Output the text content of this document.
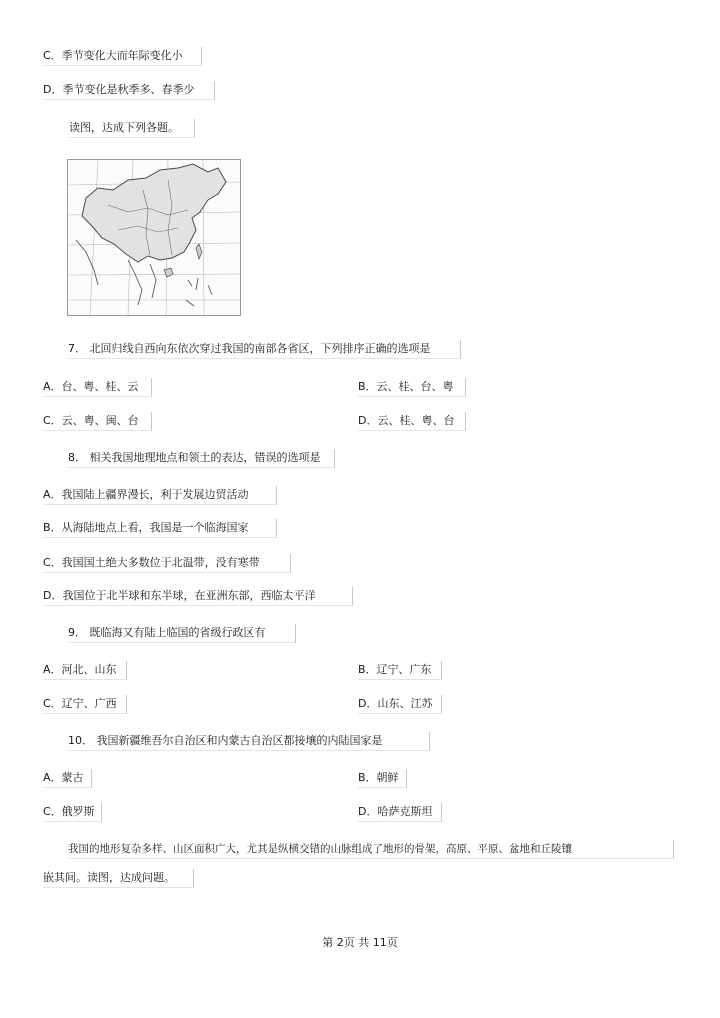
C．季节变化大而年际变化小
D．季节变化是秋季多、春季少
读图，达成下列各题。
7． 北回归线自西向东依次穿过我国的南部各省区，下列排序正确的选项是
A．台、粤、桂、云	B．云、桂、台、粤
C．云、粤、闽、台	D．云、桂、粤、台
8． 相关我国地理地点和领土的表达，错误的选项是
A．我国陆上疆界漫长，利于发展边贸活动
B．从海陆地点上看，我国是一个临海国家
C．我国国土绝大多数位于北温带，没有寒带
D．我国位于北半球和东半球，在亚洲东部，西临太平洋
9． 既临海又有陆上临国的省级行政区有
A．河北、山东	B．辽宁、广东
C．辽宁、广西	D．山东、江苏
10． 我国新疆维吾尔自治区和内蒙古自治区都接壤的内陆国家是
A．蒙古	B．朝鲜
C．俄罗斯	D．哈萨克斯坦
我国的地形复杂多样、山区面积广大，尤其是纵横交错的山脉组成了地形的骨架，高原、平原、盆地和丘陵镶
嵌其间。读图，达成问题。
第 2页 共 11页
